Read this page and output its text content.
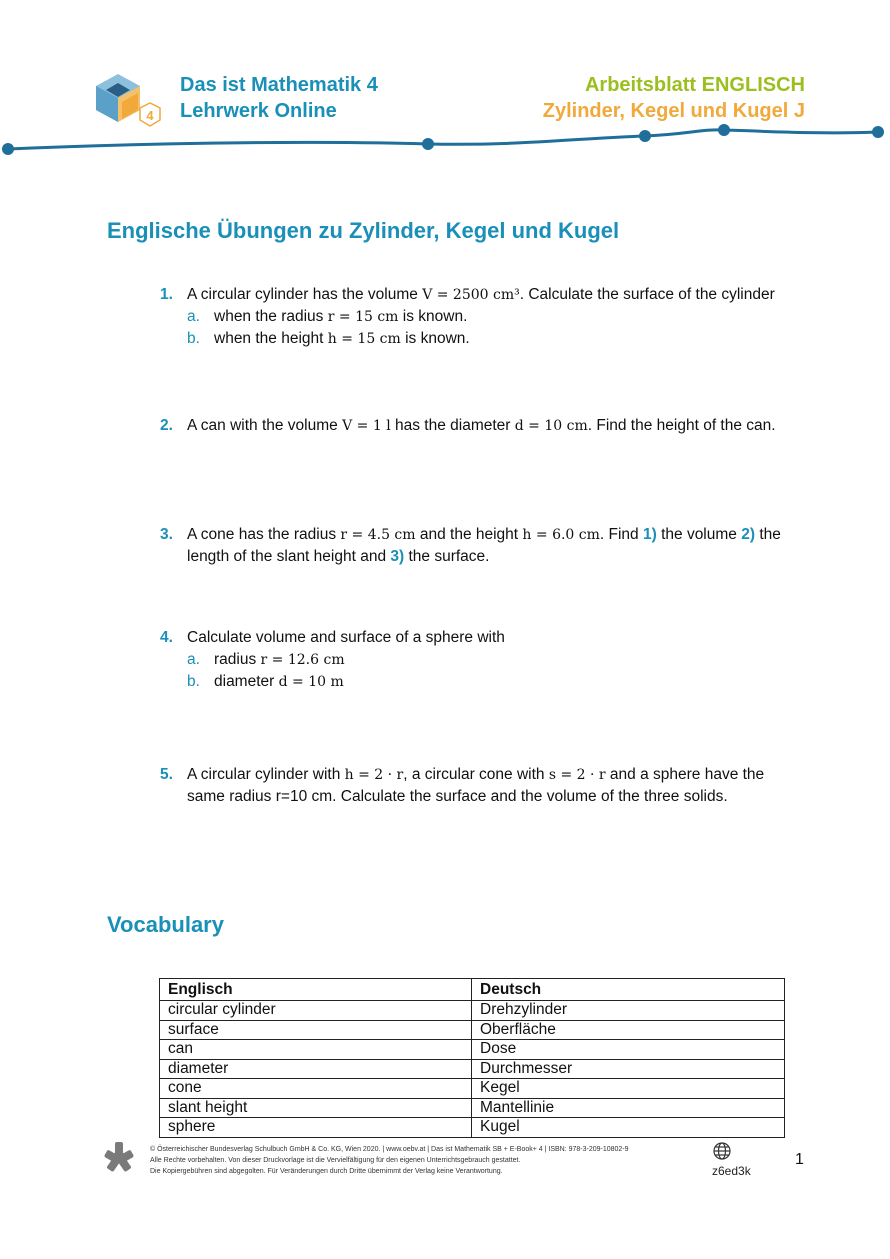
4
Das ist Mathematik 4
Lehrwerk Online
Arbeitsblatt ENGLISCH
Zylinder, Kegel und Kugel J
Englische Übungen zu Zylinder, Kegel und Kugel
1. A circular cylinder has the volume V = 2500 cm³. Calculate the surface of the cylinder
a. when the radius r = 15 cm is known.
b. when the height h = 15 cm is known.
2. A can with the volume V = 1 l has the diameter d = 10 cm. Find the height of the can.
3. A cone has the radius r = 4.5 cm and the height h = 6.0 cm. Find 1) the volume 2) the length of the slant height and 3) the surface.
4. Calculate volume and surface of a sphere with
a. radius r = 12.6 cm
b. diameter d = 10 m
5. A circular cylinder with h = 2 · r, a circular cone with s = 2 · r and a sphere have the same radius r=10 cm. Calculate the surface and the volume of the three solids.
Vocabulary
Englisch	Deutsch
circular cylinder	Drehzylinder
surface	Oberfläche
can	Dose
diameter	Durchmesser
cone	Kegel
slant height	Mantellinie
sphere	Kugel
© Österreichischer Bundesverlag Schulbuch GmbH & Co. KG, Wien 2020. | www.oebv.at | Das ist Mathematik SB + E-Book+ 4 | ISBN: 978-3-209-10802-9
Alle Rechte vorbehalten. Von dieser Druckvorlage ist die Vervielfältigung für den eigenen Unterrichtsgebrauch gestattet.
Die Kopiergebühren sind abgegolten. Für Veränderungen durch Dritte übernimmt der Verlag keine Verantwortung.	z6ed3k
1
